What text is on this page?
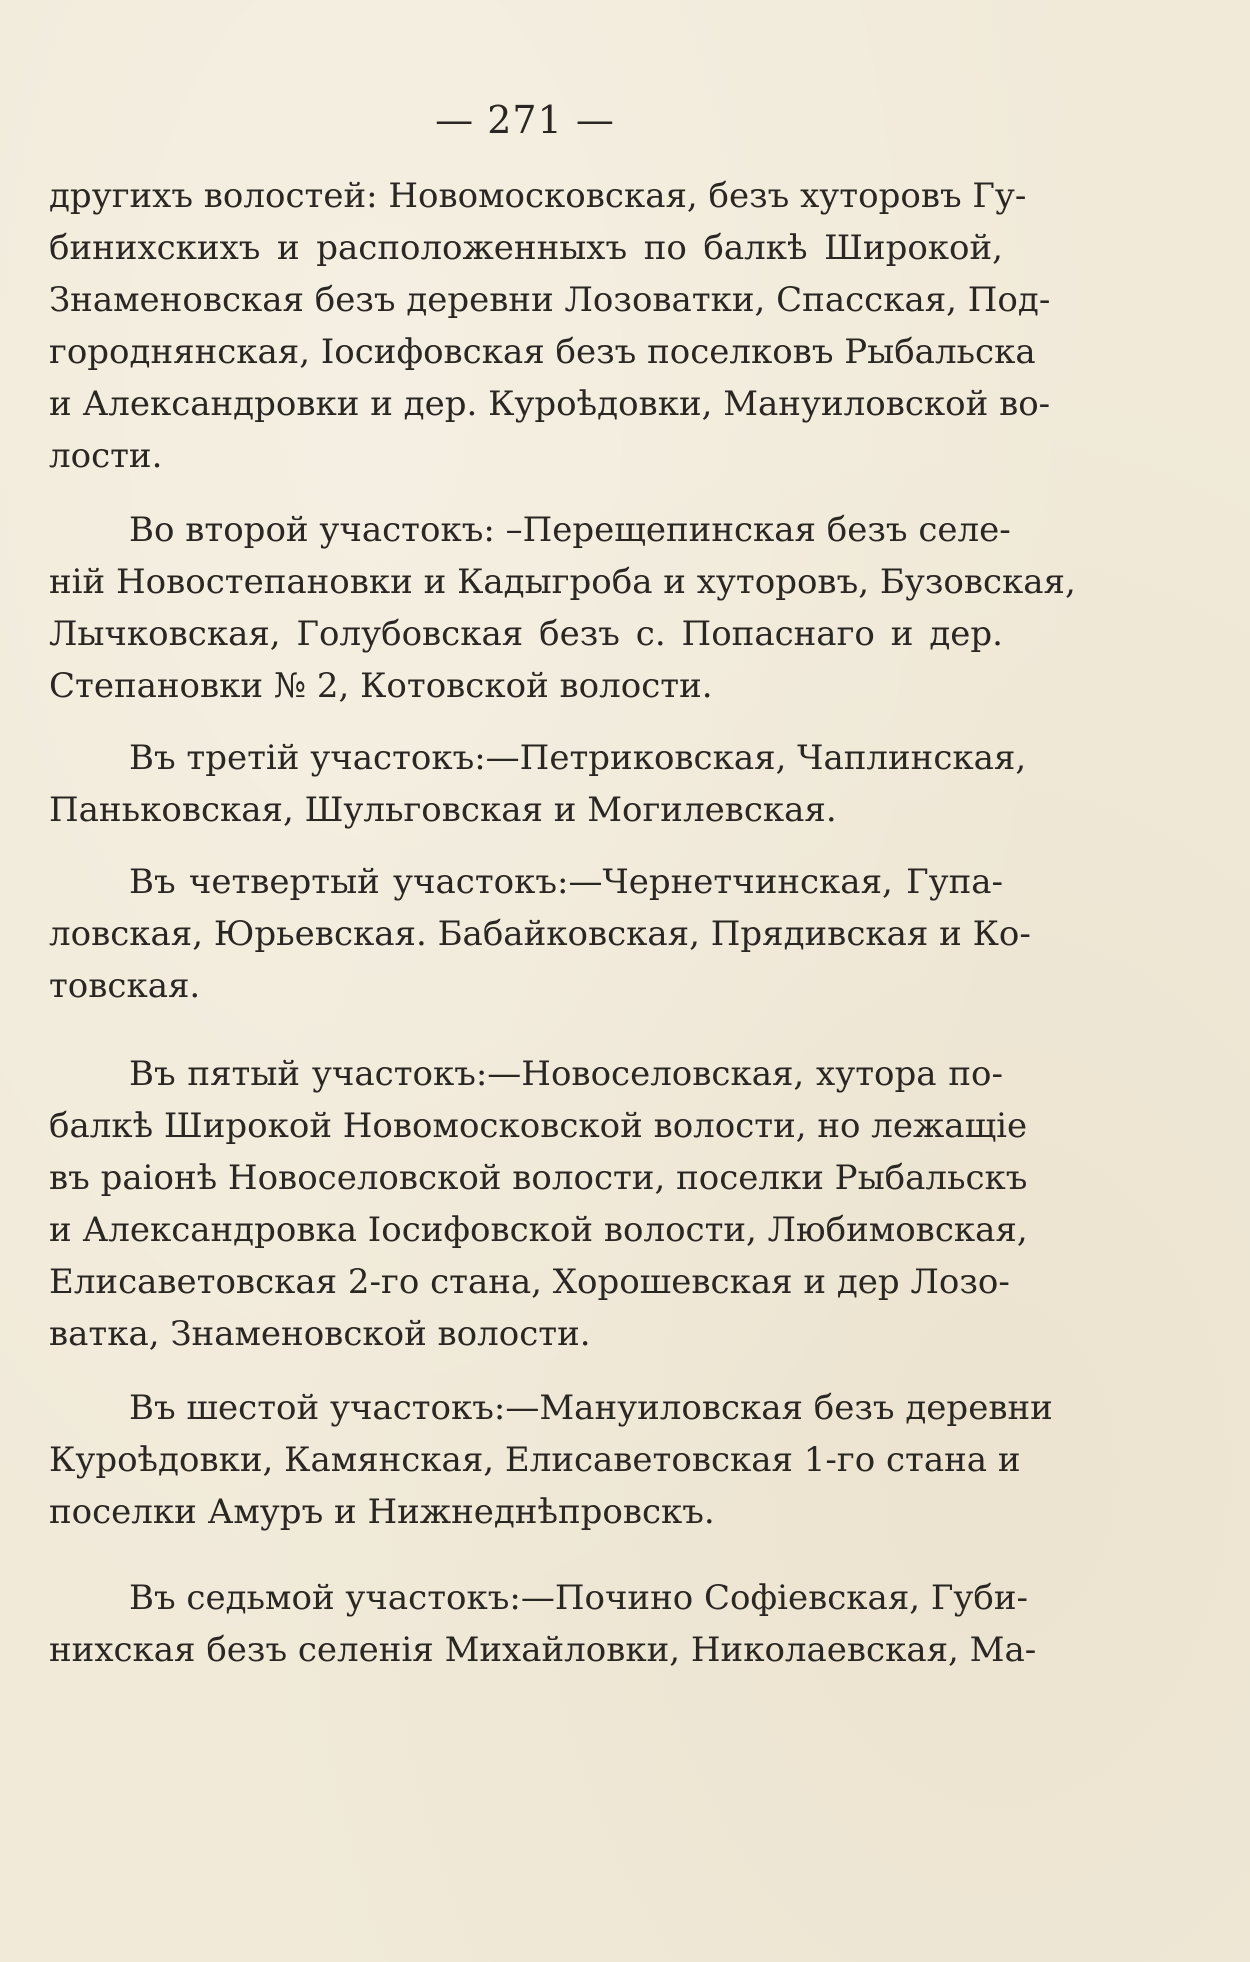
— 271 —
другихъ волостей: Новомосковская, безъ хуторовъ Гу-
бинихскихъ и расположенныхъ по балкѣ Широкой,
Знаменовская безъ деревни Лозоватки, Спасская, Под-
городнянская, Іосифовская безъ поселковъ Рыбальска
и Александровки и дер. Куроѣдовки, Мануиловской во-
лости.
Во второй участокъ: –Перещепинская безъ селе-
ній Новостепановки и Кадыгроба и хуторовъ, Бузовская,
Лычковская, Голубовская безъ с. Попаснаго и дер.
Степановки № 2, Котовской волости.
Въ третій участокъ:—Петриковская, Чаплинская,
Паньковская, Шульговская и Могилевская.
Въ четвертый участокъ:—Чернетчинская, Гупа-
ловская, Юрьевская. Бабайковская, Прядивская и Ко-
товская.
Въ пятый участокъ:—Новоселовская, хутора по-
балкѣ Широкой Новомосковской волости, но лежащіе
въ раіонѣ Новоселовской волости, поселки Рыбальскъ
и Александровка Іосифовской волости, Любимовская,
Елисаветовская 2-го стана, Хорошевская и дер Лозо-
ватка, Знаменовской волости.
Въ шестой участокъ:—Мануиловская безъ деревни
Куроѣдовки, Камянская, Елисаветовская 1-го стана и
поселки Амуръ и Нижнеднѣпровскъ.
Въ седьмой участокъ:—Почино Софіевская, Губи-
нихская безъ селенія Михайловки, Николаевская, Ма-
